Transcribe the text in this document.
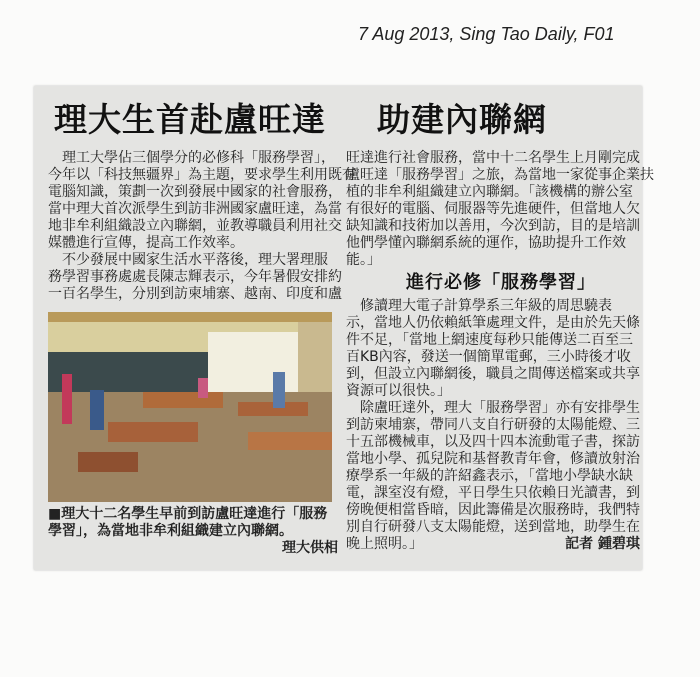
7 Aug 2013, Sing Tao Daily, F01
理大生首赴盧旺達 助建內聯網
　理工大學佔三個學分的必修科「服務學習」，
今年以「科技無疆界」為主題，要求學生利用既有
電腦知識，策劃一次到發展中國家的社會服務，
當中理大首次派學生到訪非洲國家盧旺達，為當
地非牟利組織設立內聯網，並教導職員利用社交
媒體進行宣傳，提高工作效率。
　不少發展中國家生活水平落後，理大署理服
務學習事務處處長陳志輝表示，今年暑假安排約
一百名學生，分別到訪柬埔寨、越南、印度和盧
旺達進行社會服務，當中十二名學生上月剛完成
盧旺達「服務學習」之旅，為當地一家從事企業扶
植的非牟利組織建立內聯網。「該機構的辦公室
有很好的電腦、伺服器等先進硬件，但當地人欠
缺知識和技術加以善用，今次到訪，目的是培訓
他們學懂內聯網系統的運作，協助提升工作效
能。」
進行必修「服務學習」
　修讀理大電子計算學系三年級的周思驍表
示，當地人仍依賴紙筆處理文件，是由於先天條
件不足，「當地上網速度每秒只能傳送二百至三
百KB內容，發送一個簡單電郵，三小時後才收
到，但設立內聯網後，職員之間傳送檔案或共享
資源可以很快。」
　除盧旺達外，理大「服務學習」亦有安排學生
到訪柬埔寨，帶同八支自行研發的太陽能燈、三
十五部機械車，以及四十四本流動電子書，探訪
當地小學、孤兒院和基督教青年會，修讀放射治
療學系一年級的許紹鑫表示，「當地小學缺水缺
電，課室沒有燈，平日學生只依賴日光讀書，到
傍晚便相當昏暗，因此籌備是次服務時，我們特
別自行研發八支太陽能燈，送到當地，助學生在
晚上照明。」	記者 鍾碧琪
■理大十二名學生早前到訪盧旺達進行「服務
學習」，為當地非牟利組織建立內聯網。
理大供相
